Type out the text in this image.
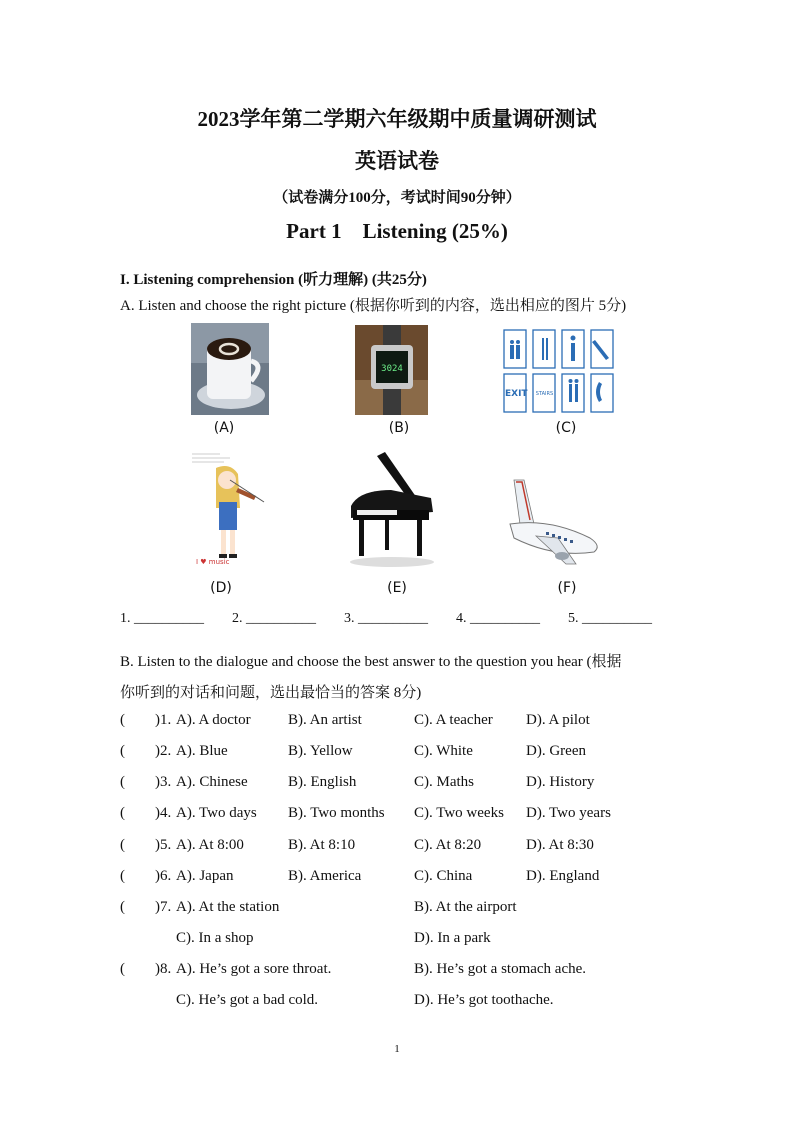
2023学年第二学期六年级期中质量调研测试
英语试卷
（试卷满分100分，考试时间90分钟）
Part 1    Listening (25%)
I. Listening comprehension (听力理解) (共25分)
A. Listen and choose the right picture (根据你听到的内容，选出相应的图片 5分)
(A)
3024
(B)
EXIT	STAIRS
(C)
I ♥ music
(D)	(E)	(F)
1. __________ 2. __________ 3. __________ 4. __________ 5. __________
B. Listen to the dialogue and choose the best answer to the question you hear (根据
你听到的对话和问题，选出最恰当的答案 8分)
(        )1. A). A doctor B). An artist	C). A teacher D). A pilot
(        )2. A). Blue	B). Yellow	C). White	D). Green
(        )3. A). Chinese	B). English	C). Maths	D). History
(        )4. A). Two days B). Two months C). Two weeks D). Two years
(        )5. A). At 8:00	B). At 8:10	C). At 8:20	D). At 8:30
(        )6. A). Japan	B). America	C). China	D). England
(        )7. A). At the station	B). At the airport
C). In a shop	D). In a park
(        )8. A). He’s got a sore throat.	B). He’s got a stomach ache.
C). He’s got a bad cold.	D). He’s got toothache.
1
